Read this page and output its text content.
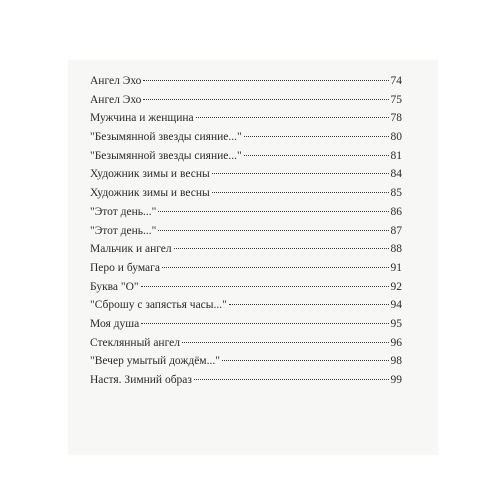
Ангел Эхо	74
Ангел Эхо	75
Мужчина и женщина	78
"Безымянной звезды сияние..."	80
"Безымянной звезды сияние..."	81
Художник зимы и весны	84
Художник зимы и весны	85
"Этот день..."	86
"Этот день..."	87
Мальчик и ангел	88
Перо и бумага	91
Буква "О"	92
"Сброшу с запястья часы..."	94
Моя душа	95
Стеклянный ангел	96
"Вечер умытый дождём..."	98
Настя. Зимний образ	99
